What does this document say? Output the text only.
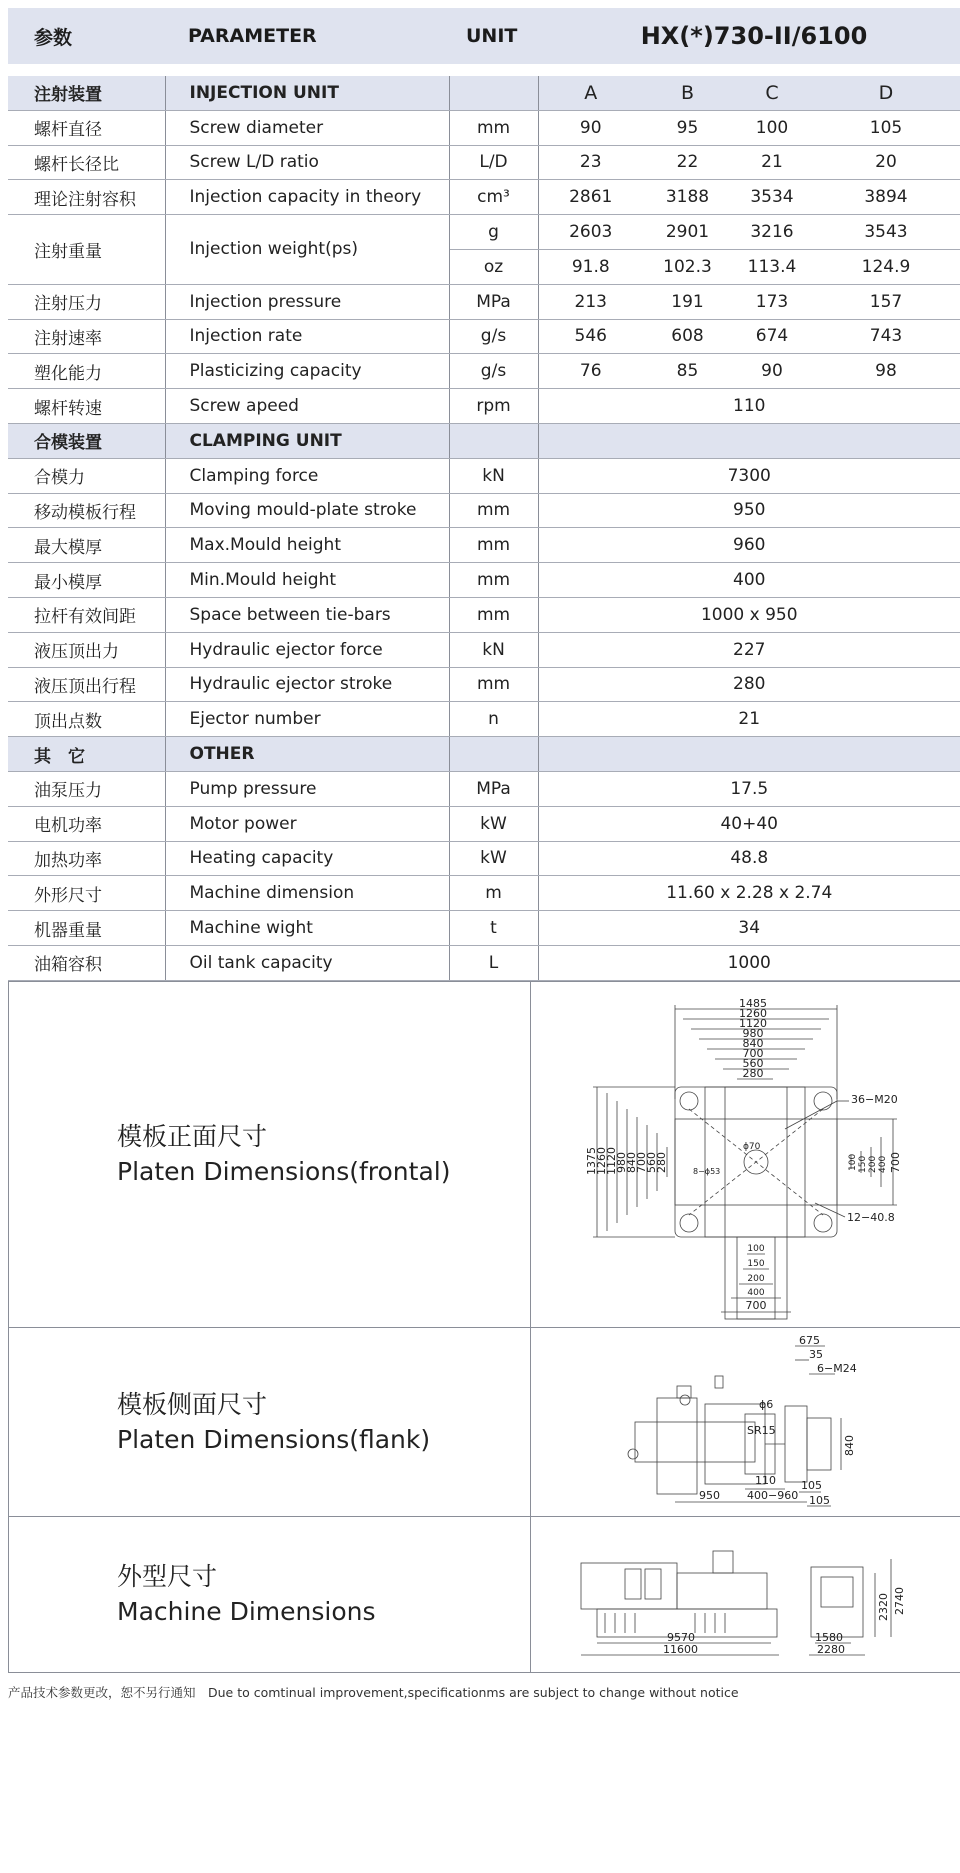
参数	PARAMETER	UNIT	HX(*)730-II/6100
注射装置	INJECTION UNIT		A	B	C	D
螺杆直径	Screw diameter	mm	90	95	100	105
螺杆长径比	Screw L/D ratio	L/D	23	22	21	20
理论注射容积	Injection capacity in theory	cm³	2861	3188	3534	3894
注射重量	Injection weight(ps)	g	2603	2901	3216	3543
		oz	91.8	102.3	113.4	124.9
注射压力	Injection pressure	MPa	213	191	173	157
注射速率	Injection rate	g/s	546	608	674	743
塑化能力	Plasticizing capacity	g/s	76	85	90	98
螺杆转速	Screw apeed	rpm	110			
合模装置	CLAMPING UNIT					
合模力	Clamping force	kN	7300			
移动模板行程	Moving mould-plate stroke	mm	950			
最大模厚	Max.Mould height	mm	960			
最小模厚	Min.Mould height	mm	400			
拉杆有效间距	Space between tie-bars	mm	1000 x 950			
液压顶出力	Hydraulic ejector force	kN	227			
液压顶出行程	Hydraulic ejector stroke	mm	280			
顶出点数	Ejector number	n	21			
其　它	OTHER					
油泵压力	Pump pressure	MPa	17.5			
电机功率	Motor power	kW	40+40			
加热功率	Heating capacity	kW	48.8			
外形尺寸	Machine dimension	m	11.60 x 2.28 x 2.74			
机器重量	Machine wight	t	34			
油箱容积	Oil tank capacity	L	1000			
模板正面尺寸
Platen Dimensions(frontal)
1485
1260
1120
980
840
700
560
280
1375
1260
1120
980
840
700
560
280	100 150 200 400 700
100
150
200
400
700
36−M20
12−40.8
ϕ70
8−ϕ53
模板侧面尺寸
Platen Dimensions(flank)
675
35
6−M24
ϕ6
SR15
840
110
950 400−960
105
105
外型尺寸
Machine Dimensions
9570
11600
1580
2280
2320 2740
产品技术参数更改，恕不另行通知　Due to comtinual improvement,specificationms are subject to change without notice
